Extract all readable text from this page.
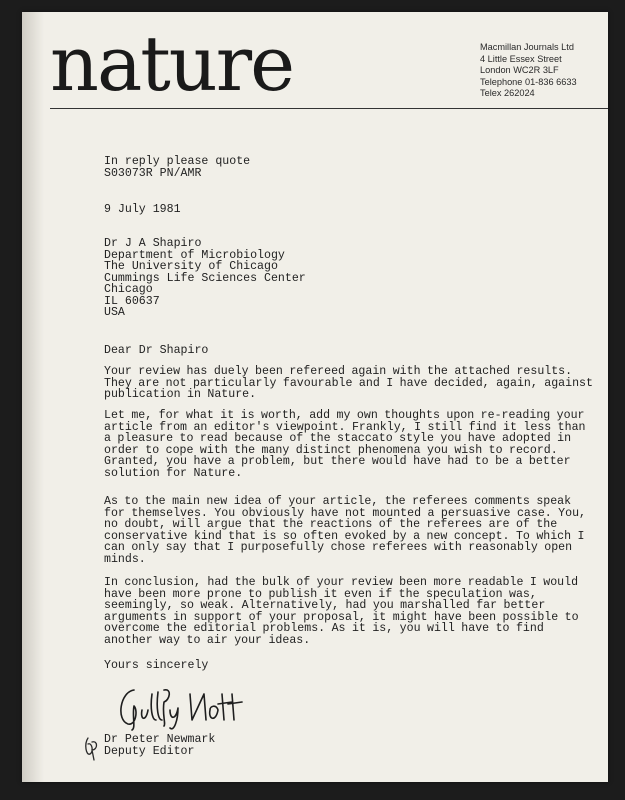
nature	Macmillan Journals Ltd
4 Little Essex Street
London WC2R 3LF
Telephone 01-836 6633
Telex 262024
In reply please quote
S03073R PN/AMR
9 July 1981
Dr J A Shapiro
Department of Microbiology
The University of Chicago
Cummings Life Sciences Center
Chicago
IL 60637
USA
Dear Dr Shapiro
Your review has duely been refereed again with the attached results. They are not particularly favourable and I have decided, again, against publication in Nature.
Let me, for what it is worth, add my own thoughts upon re-reading your article from an editor's viewpoint. Frankly, I still find it less than a pleasure to read because of the staccato style you have adopted in order to cope with the many distinct phenomena you wish to record. Granted, you have a problem, but there would have had to be a better solution for Nature.
As to the main new idea of your article, the referees comments speak for themselves. You obviously have not mounted a persuasive case. You, no doubt, will argue that the reactions of the referees are of the conservative kind that is so often evoked by a new concept. To which I can only say that I purposefully chose referees with reasonably open minds.
In conclusion, had the bulk of your review been more readable I would have been more prone to publish it even if the speculation was, seemingly, so weak. Alternatively, had you marshalled far better arguments in support of your proposal, it might have been possible to overcome the editorial problems. As it is, you will have to find another way to air your ideas.
Yours sincerely
Dr Peter Newmark
Deputy Editor
